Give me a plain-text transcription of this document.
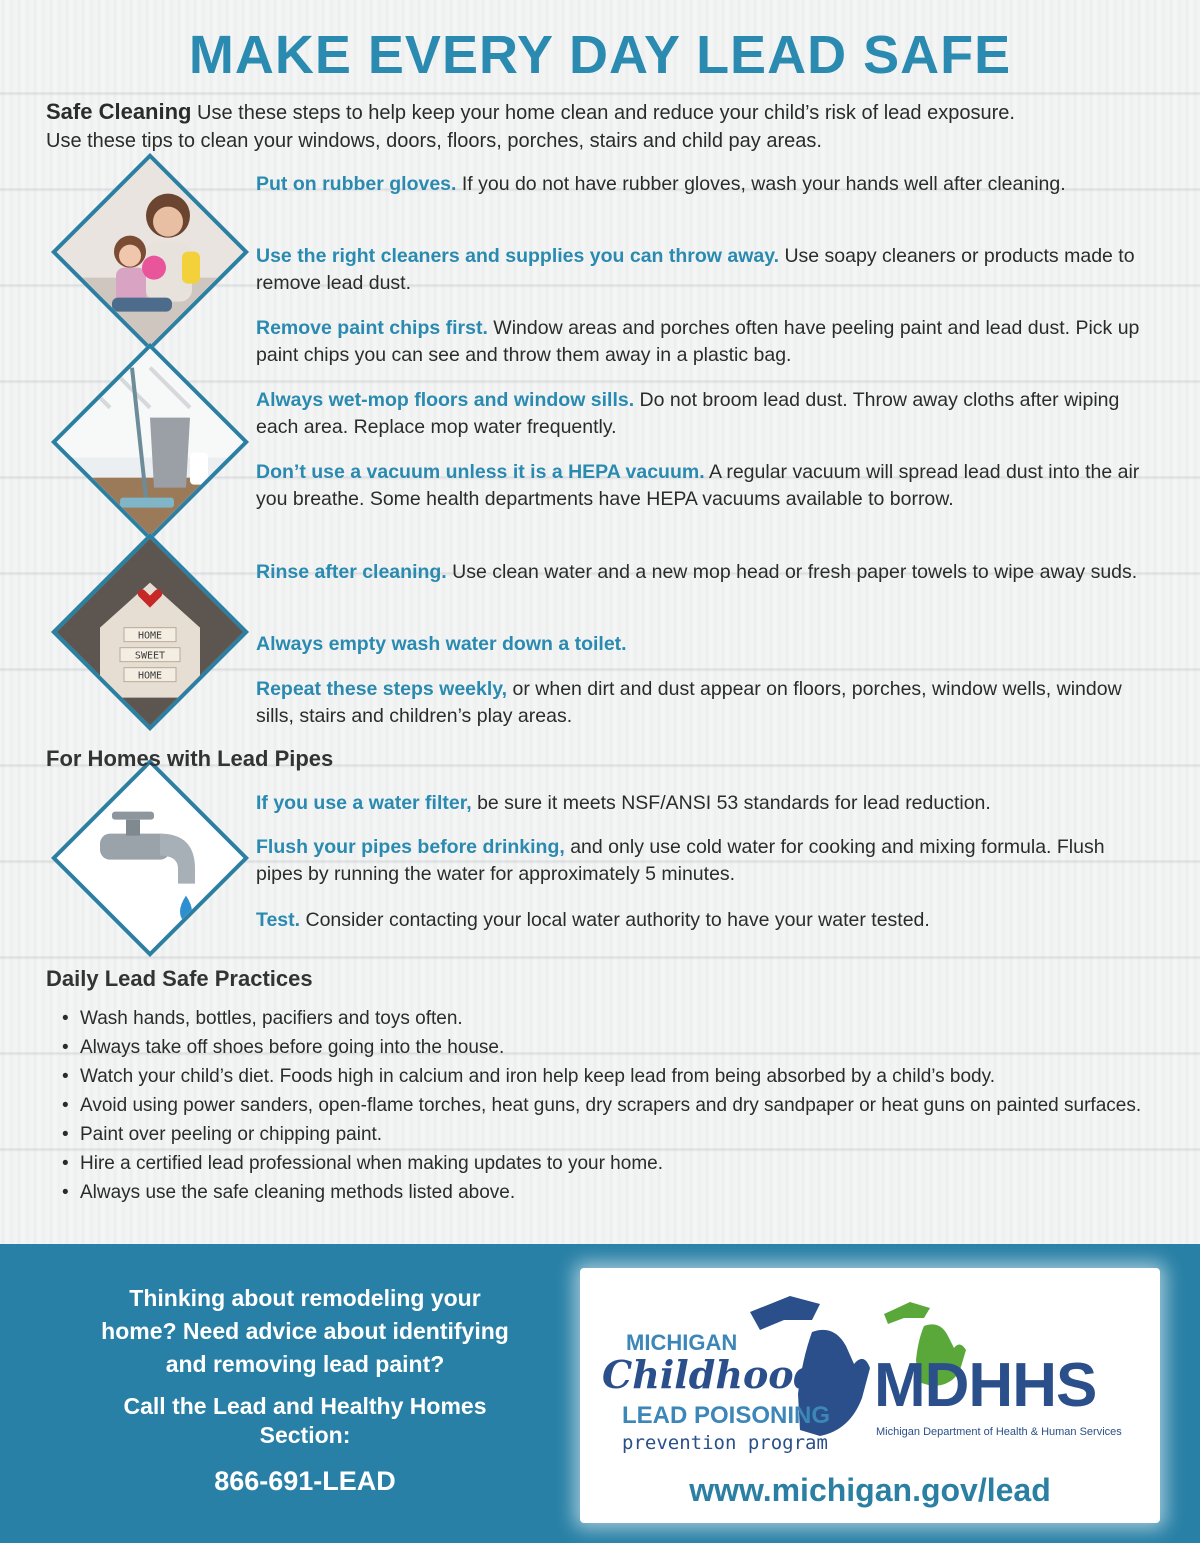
MAKE EVERY DAY LEAD SAFE
Safe Cleaning Use these steps to help keep your home clean and reduce your child’s risk of lead exposure.
Use these tips to clean your windows, doors, floors, porches, stairs and child pay areas.
HOME
SWEET
HOME
Put on rubber gloves. If you do not have rubber gloves, wash your hands well after cleaning.
Use the right cleaners and supplies you can throw away. Use soapy cleaners or products made to remove lead dust.
Remove paint chips first. Window areas and porches often have peeling paint and lead dust. Pick up paint chips you can see and throw them away in a plastic bag.
Always wet-mop floors and window sills. Do not broom lead dust. Throw away cloths after wiping each area. Replace mop water frequently.
Don’t use a vacuum unless it is a HEPA vacuum. A regular vacuum will spread lead dust into the air you breathe. Some health departments have HEPA vacuums available to borrow.
Rinse after cleaning. Use clean water and a new mop head or fresh paper towels to wipe away suds.
Always empty wash water down a toilet.
Repeat these steps weekly, or when dirt and dust appear on floors, porches, window wells, window sills, stairs and children’s play areas.
For Homes with Lead Pipes
If you use a water filter, be sure it meets NSF/ANSI 53 standards for lead reduction.
Flush your pipes before drinking, and only use cold water for cooking and mixing formula. Flush pipes by running the water for approximately 5 minutes.
Test. Consider contacting your local water authority to have your water tested.
Daily Lead Safe Practices
• Wash hands, bottles, pacifiers and toys often.
• Always take off shoes before going into the house.
• Watch your child’s diet. Foods high in calcium and iron help keep lead from being absorbed by a child’s body.
• Avoid using power sanders, open-flame torches, heat guns, dry scrapers and dry sandpaper or heat guns on painted surfaces.
• Paint over peeling or chipping paint.
• Hire a certified lead professional when making updates to your home.
• Always use the safe cleaning methods listed above.
Thinking about remodeling your
home? Need advice about identifying
and removing lead paint?
Call the Lead and Healthy Homes
Section:
866-691-LEAD
MICHIGAN
Childhood
LEAD POISONING
prevention program
MDHHS
Michigan Department of Health & Human Services
www.michigan.gov/lead
